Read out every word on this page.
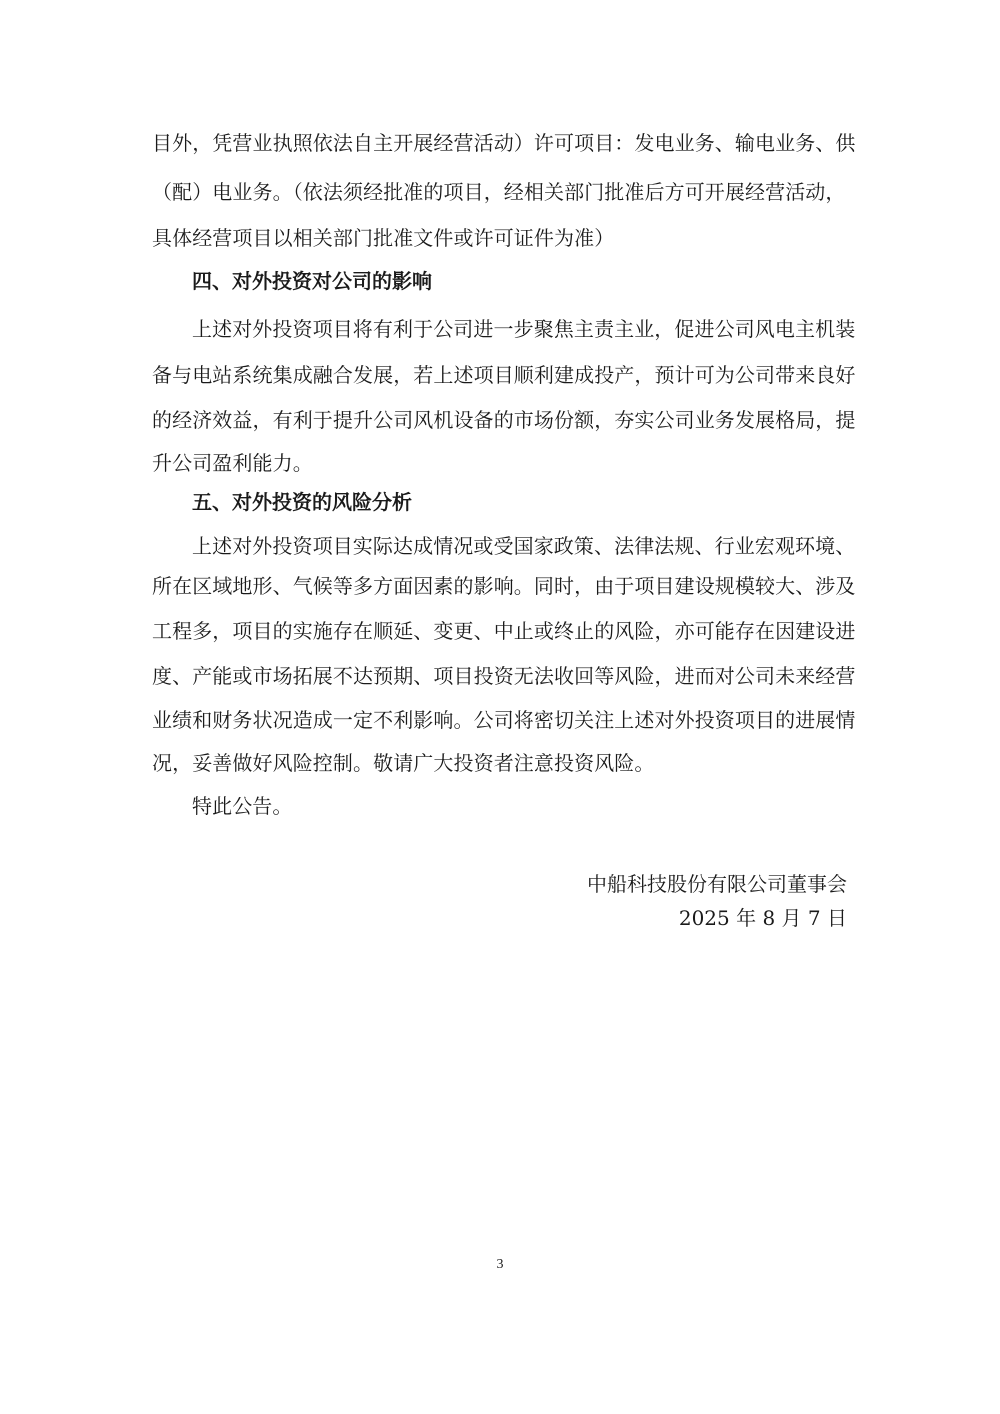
目外，凭营业执照依法自主开展经营活动）许可项目：发电业务、输电业务、供
（配）电业务。（依法须经批准的项目，经相关部门批准后方可开展经营活动，
具体经营项目以相关部门批准文件或许可证件为准）
四、对外投资对公司的影响
上述对外投资项目将有利于公司进一步聚焦主责主业，促进公司风电主机装
备与电站系统集成融合发展，若上述项目顺利建成投产，预计可为公司带来良好
的经济效益，有利于提升公司风机设备的市场份额，夯实公司业务发展格局，提
升公司盈利能力。
五、对外投资的风险分析
上述对外投资项目实际达成情况或受国家政策、法律法规、行业宏观环境、
所在区域地形、气候等多方面因素的影响。同时，由于项目建设规模较大、涉及
工程多，项目的实施存在顺延、变更、中止或终止的风险，亦可能存在因建设进
度、产能或市场拓展不达预期、项目投资无法收回等风险，进而对公司未来经营
业绩和财务状况造成一定不利影响。公司将密切关注上述对外投资项目的进展情
况，妥善做好风险控制。敬请广大投资者注意投资风险。
特此公告。
中船科技股份有限公司董事会
2025 年 8 月 7 日
3
